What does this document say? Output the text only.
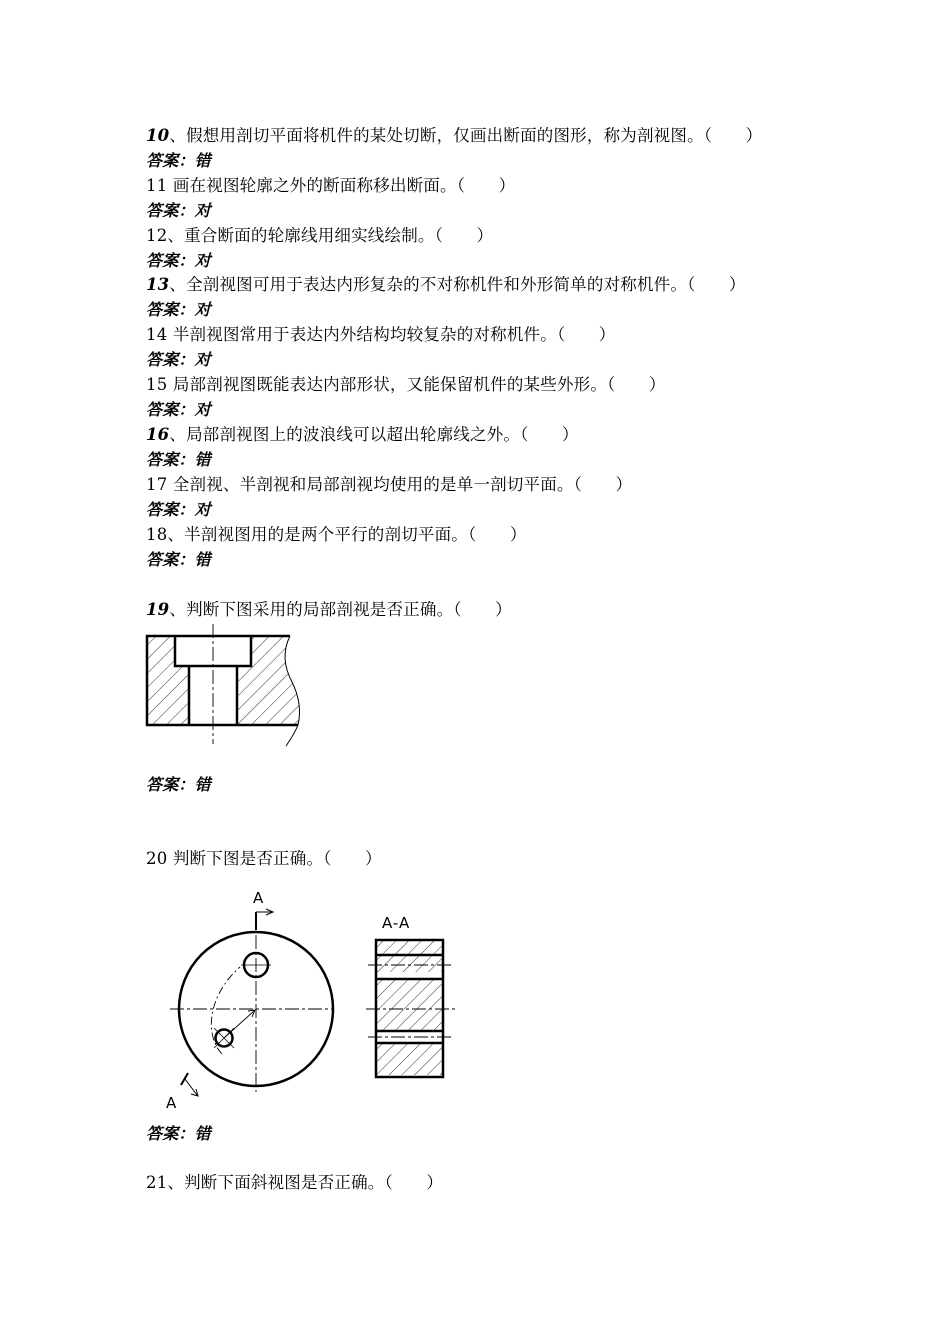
10、假想用剖切平面将机件的某处切断，仅画出断面的图形，称为剖视图。（　　）
答案：错
11 画在视图轮廓之外的断面称移出断面。（　　）
答案：对
12、重合断面的轮廓线用细实线绘制。（　　）
答案：对
13、全剖视图可用于表达内形复杂的不对称机件和外形简单的对称机件。（　　）
答案：对
14 半剖视图常用于表达内外结构均较复杂的对称机件。（　　）
答案：对
15 局部剖视图既能表达内部形状，又能保留机件的某些外形。（　　）
答案：对
16、局部剖视图上的波浪线可以超出轮廓线之外。（　　）
答案：错
17 全剖视、半剖视和局部剖视均使用的是单一剖切平面。（　　）
答案：对
18、半剖视图用的是两个平行的剖切平面。（　　）
答案：错
19、判断下图采用的局部剖视是否正确。（　　）
答案：错
20 判断下图是否正确。（　　）
A
A
A-A
答案：错
21、判断下面斜视图是否正确。（　　）
